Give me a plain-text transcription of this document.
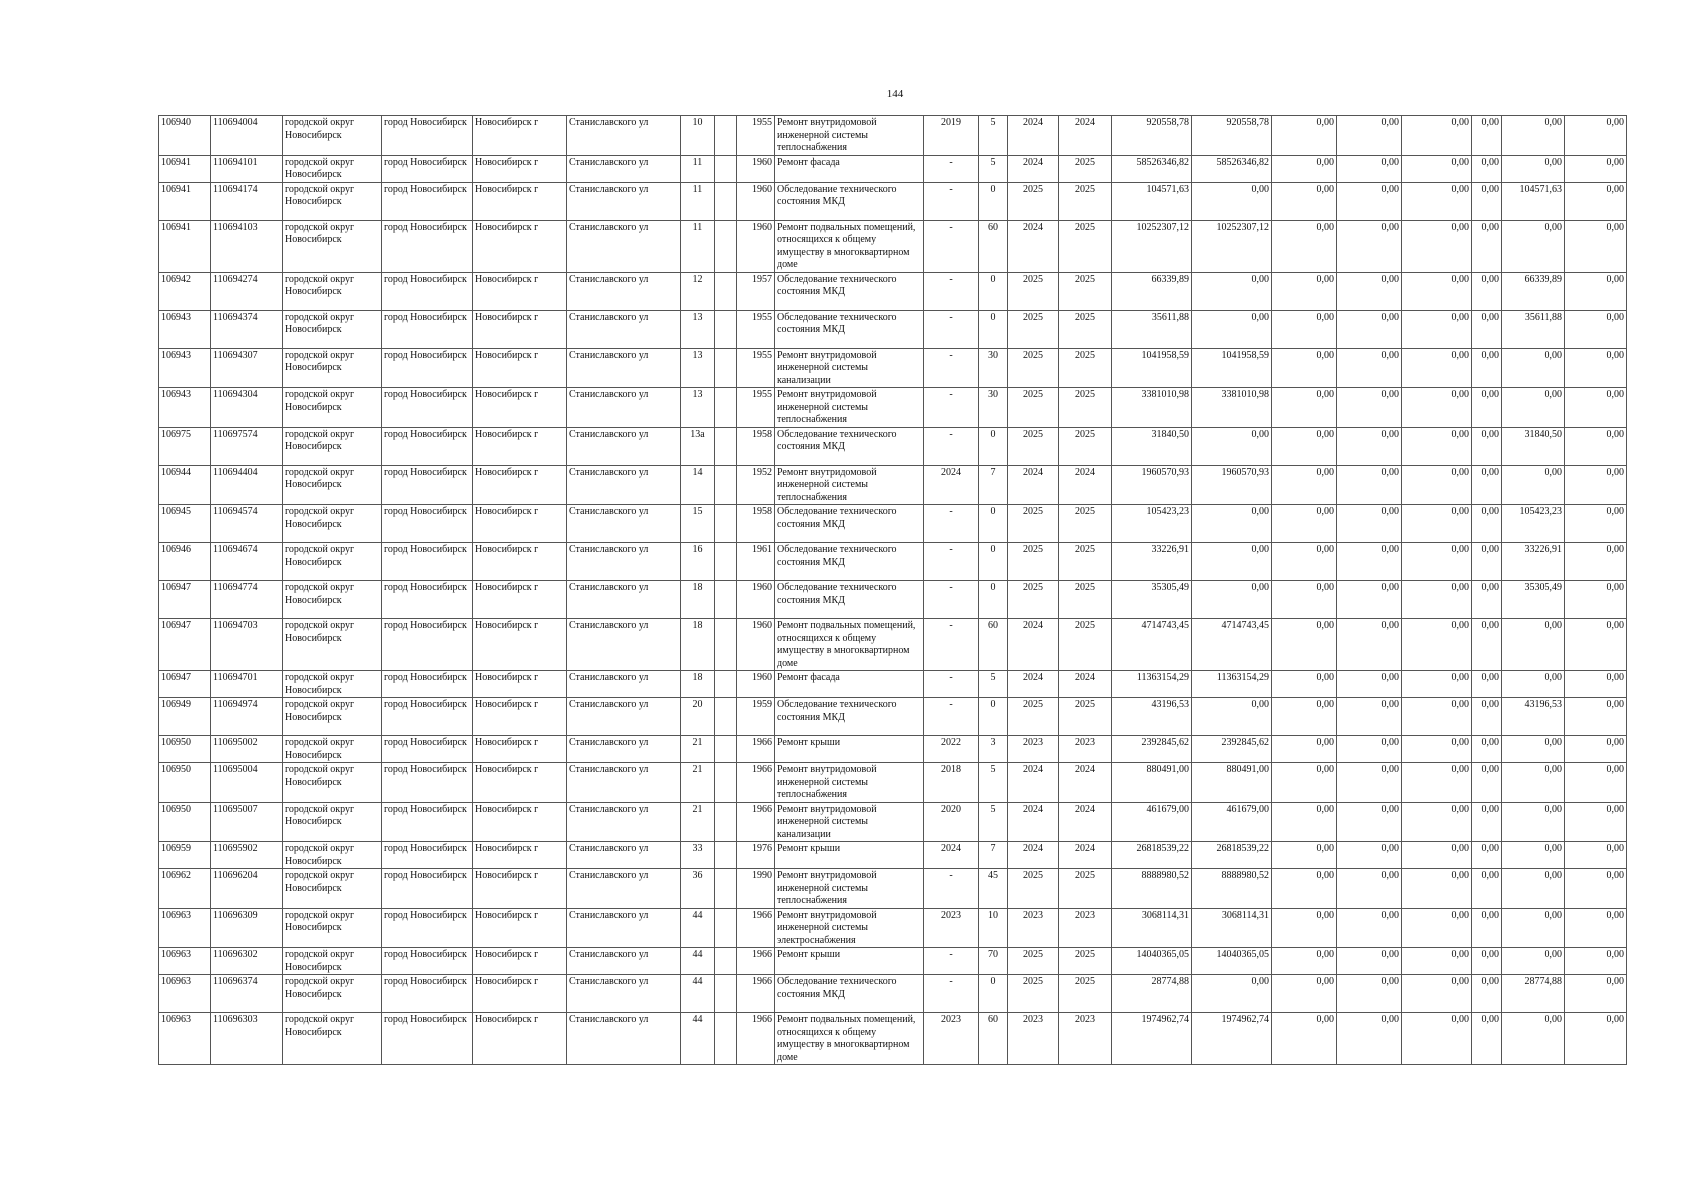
144
106940	110694004	городской округ Новосибирск	город Новосибирск	Новосибирск г	Станиславского ул	10		1955	Ремонт внутридомовой инженерной системы теплоснабжения	2019	5	2024	2024	920558,78	920558,78	0,00	0,00	0,00	0,00	0,00	0,00
106941	110694101	городской округ Новосибирск	город Новосибирск	Новосибирск г	Станиславского ул	11		1960	Ремонт фасада	-	5	2024	2025	58526346,82	58526346,82	0,00	0,00	0,00	0,00	0,00	0,00
106941	110694174	городской округ Новосибирск	город Новосибирск	Новосибирск г	Станиславского ул	11		1960	Обследование технического состояния МКД	-	0	2025	2025	104571,63	0,00	0,00	0,00	0,00	0,00	104571,63	0,00
106941	110694103	городской округ Новосибирск	город Новосибирск	Новосибирск г	Станиславского ул	11		1960	Ремонт подвальных помещений, относящихся к общему имуществу в многоквартирном доме	-	60	2024	2025	10252307,12	10252307,12	0,00	0,00	0,00	0,00	0,00	0,00
106942	110694274	городской округ Новосибирск	город Новосибирск	Новосибирск г	Станиславского ул	12		1957	Обследование технического состояния МКД	-	0	2025	2025	66339,89	0,00	0,00	0,00	0,00	0,00	66339,89	0,00
106943	110694374	городской округ Новосибирск	город Новосибирск	Новосибирск г	Станиславского ул	13		1955	Обследование технического состояния МКД	-	0	2025	2025	35611,88	0,00	0,00	0,00	0,00	0,00	35611,88	0,00
106943	110694307	городской округ Новосибирск	город Новосибирск	Новосибирск г	Станиславского ул	13		1955	Ремонт внутридомовой инженерной системы канализации	-	30	2025	2025	1041958,59	1041958,59	0,00	0,00	0,00	0,00	0,00	0,00
106943	110694304	городской округ Новосибирск	город Новосибирск	Новосибирск г	Станиславского ул	13		1955	Ремонт внутридомовой инженерной системы теплоснабжения	-	30	2025	2025	3381010,98	3381010,98	0,00	0,00	0,00	0,00	0,00	0,00
106975	110697574	городской округ Новосибирск	город Новосибирск	Новосибирск г	Станиславского ул	13а		1958	Обследование технического состояния МКД	-	0	2025	2025	31840,50	0,00	0,00	0,00	0,00	0,00	31840,50	0,00
106944	110694404	городской округ Новосибирск	город Новосибирск	Новосибирск г	Станиславского ул	14		1952	Ремонт внутридомовой инженерной системы теплоснабжения	2024	7	2024	2024	1960570,93	1960570,93	0,00	0,00	0,00	0,00	0,00	0,00
106945	110694574	городской округ Новосибирск	город Новосибирск	Новосибирск г	Станиславского ул	15		1958	Обследование технического состояния МКД	-	0	2025	2025	105423,23	0,00	0,00	0,00	0,00	0,00	105423,23	0,00
106946	110694674	городской округ Новосибирск	город Новосибирск	Новосибирск г	Станиславского ул	16		1961	Обследование технического состояния МКД	-	0	2025	2025	33226,91	0,00	0,00	0,00	0,00	0,00	33226,91	0,00
106947	110694774	городской округ Новосибирск	город Новосибирск	Новосибирск г	Станиславского ул	18		1960	Обследование технического состояния МКД	-	0	2025	2025	35305,49	0,00	0,00	0,00	0,00	0,00	35305,49	0,00
106947	110694703	городской округ Новосибирск	город Новосибирск	Новосибирск г	Станиславского ул	18		1960	Ремонт подвальных помещений, относящихся к общему имуществу в многоквартирном доме	-	60	2024	2025	4714743,45	4714743,45	0,00	0,00	0,00	0,00	0,00	0,00
106947	110694701	городской округ Новосибирск	город Новосибирск	Новосибирск г	Станиславского ул	18		1960	Ремонт фасада	-	5	2024	2024	11363154,29	11363154,29	0,00	0,00	0,00	0,00	0,00	0,00
106949	110694974	городской округ Новосибирск	город Новосибирск	Новосибирск г	Станиславского ул	20		1959	Обследование технического состояния МКД	-	0	2025	2025	43196,53	0,00	0,00	0,00	0,00	0,00	43196,53	0,00
106950	110695002	городской округ Новосибирск	город Новосибирск	Новосибирск г	Станиславского ул	21		1966	Ремонт крыши	2022	3	2023	2023	2392845,62	2392845,62	0,00	0,00	0,00	0,00	0,00	0,00
106950	110695004	городской округ Новосибирск	город Новосибирск	Новосибирск г	Станиславского ул	21		1966	Ремонт внутридомовой инженерной системы теплоснабжения	2018	5	2024	2024	880491,00	880491,00	0,00	0,00	0,00	0,00	0,00	0,00
106950	110695007	городской округ Новосибирск	город Новосибирск	Новосибирск г	Станиславского ул	21		1966	Ремонт внутридомовой инженерной системы канализации	2020	5	2024	2024	461679,00	461679,00	0,00	0,00	0,00	0,00	0,00	0,00
106959	110695902	городской округ Новосибирск	город Новосибирск	Новосибирск г	Станиславского ул	33		1976	Ремонт крыши	2024	7	2024	2024	26818539,22	26818539,22	0,00	0,00	0,00	0,00	0,00	0,00
106962	110696204	городской округ Новосибирск	город Новосибирск	Новосибирск г	Станиславского ул	36		1990	Ремонт внутридомовой инженерной системы теплоснабжения	-	45	2025	2025	8888980,52	8888980,52	0,00	0,00	0,00	0,00	0,00	0,00
106963	110696309	городской округ Новосибирск	город Новосибирск	Новосибирск г	Станиславского ул	44		1966	Ремонт внутридомовой инженерной системы электроснабжения	2023	10	2023	2023	3068114,31	3068114,31	0,00	0,00	0,00	0,00	0,00	0,00
106963	110696302	городской округ Новосибирск	город Новосибирск	Новосибирск г	Станиславского ул	44		1966	Ремонт крыши	-	70	2025	2025	14040365,05	14040365,05	0,00	0,00	0,00	0,00	0,00	0,00
106963	110696374	городской округ Новосибирск	город Новосибирск	Новосибирск г	Станиславского ул	44		1966	Обследование технического состояния МКД	-	0	2025	2025	28774,88	0,00	0,00	0,00	0,00	0,00	28774,88	0,00
106963	110696303	городской округ Новосибирск	город Новосибирск	Новосибирск г	Станиславского ул	44		1966	Ремонт подвальных помещений, относящихся к общему имуществу в многоквартирном доме	2023	60	2023	2023	1974962,74	1974962,74	0,00	0,00	0,00	0,00	0,00	0,00
